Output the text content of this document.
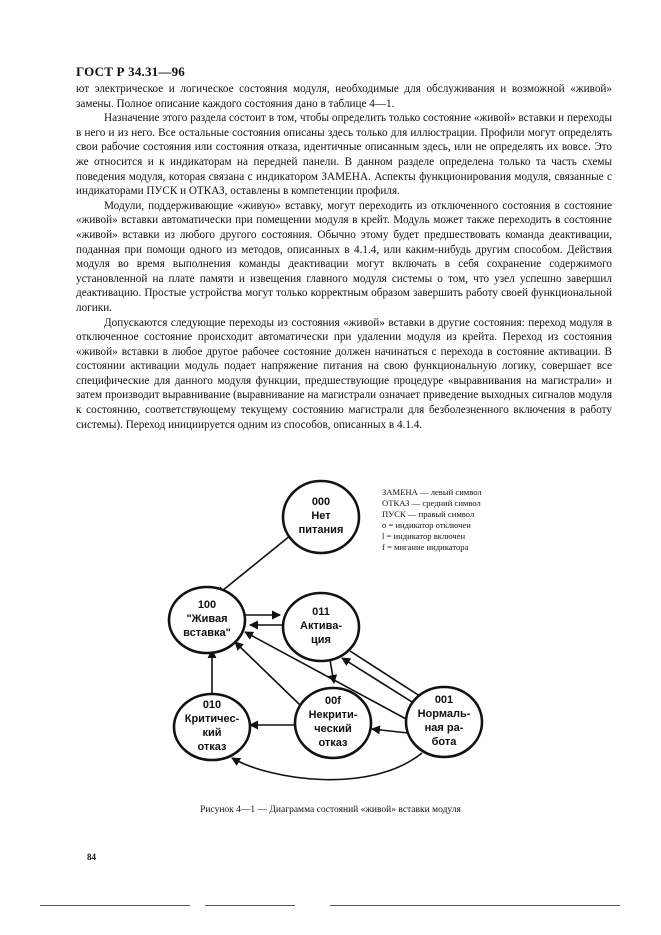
ГОСТ Р 34.31—96

ют электрическое и логическое состояния модуля, необходимые для обслуживания и возможной «живой» замены. Полное описание каждого состояния дано в таблице 4—1.

Назначение этого раздела состоит в том, чтобы определить только состояние «живой» вставки и переходы в него и из него. Все остальные состояния описаны здесь только для иллюстрации. Профили могут определять свои рабочие состояния или состояния отказа, идентичные описанным здесь, или не определять их вовсе. Это же относится и к индикаторам на передней панели. В данном разделе определена только та часть схемы поведения модуля, которая связана с индикатором ЗАМЕНА. Аспекты функционирования модуля, связанные с индикаторами ПУСК и ОТКАЗ, оставлены в компетенции профиля.

Модули, поддерживающие «живую» вставку, могут переходить из отключенного состояния в состояние «живой» вставки автоматически при помещении модуля в крейт. Модуль может также переходить в состояние «живой» вставки из любого другого состояния. Обычно этому будет предшествовать команда деактивации, поданная при помощи одного из методов, описанных в 4.1.4, или каким-нибудь другим способом. Действия модуля во время выполнения команды деактивации могут включать в себя сохранение содержимого установленной на плате памяти и извещения главного модуля системы о том, что узел успешно завершил деактивацию. Простые устройства могут только корректным образом завершить работу своей функциональной логики.

Допускаются следующие переходы из состояния «живой» вставки в другие состояния: переход модуля в отключенное состояние происходит автоматически при удалении модуля из крейта. Переход из состояния «живой» вставки в любое другое рабочее состояние должен начинаться с перехода в состояние активации. В состоянии активации модуль подает напряжение питания на свою функциональную логику, совершает все специфические для данного модуля функции, предшествующие процедуре «выравнивания на магистрали» и затем производит выравнивание (выравнивание на магистрали означает приведение выходных сигналов модуля к состоянию, соответствующему текущему состоянию магистрали для безболезненного включения в работу системы). Переход инициируется одним из способов, описанных в 4.1.4.

000
Нет
питания
100
"Живая
вставка"
011
Актива-
ция
010
Критичес-
кий
отказ
00f
Некрити-
ческий
отказ
001
Нормаль-
ная ра-
бота
ЗАМЕНА — левый символ
ОТКАЗ — средний символ
ПУСК — правый символ
o = индикатор отключен
l = индикатор включен
f = мигание индикатора
Рисунок 4—1 — Диаграмма состояний «живой» вставки модуля
84
